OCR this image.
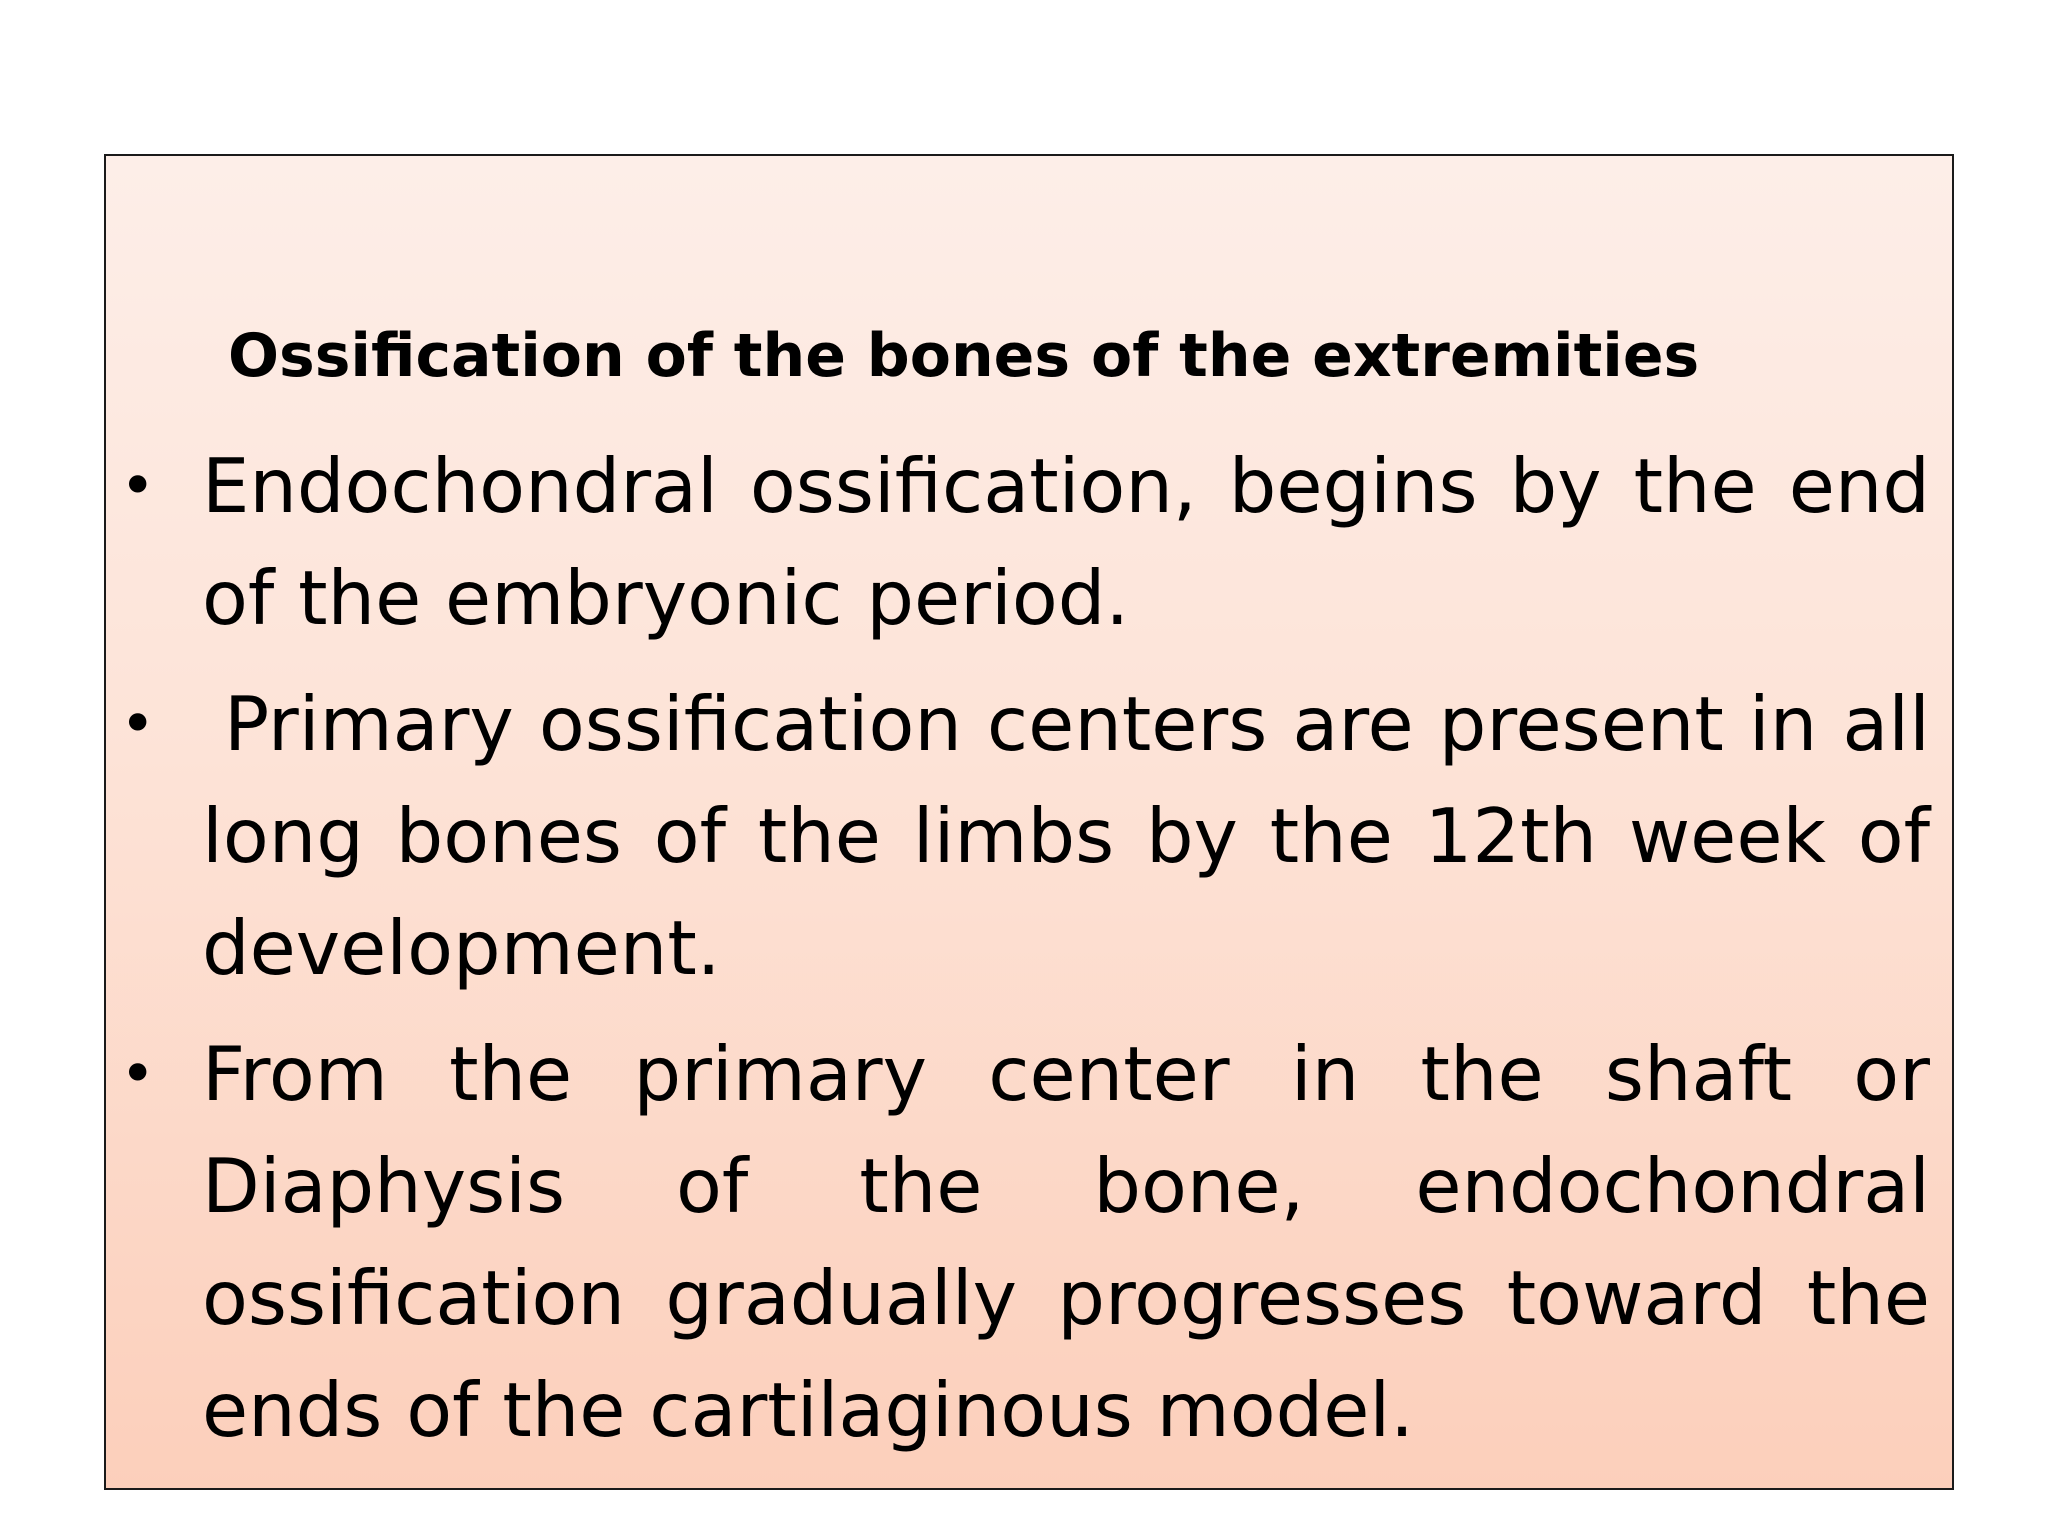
Ossification of the bones of the extremities
• Endochondral ossification, begins by the end of the embryonic period.
• Primary ossification centers are present in all long bones of the limbs by the 12th week of development.
• From the primary center in the shaft or Diaphysis of the bone, endochondral ossification gradually progresses toward the ends of the cartilaginous model.
